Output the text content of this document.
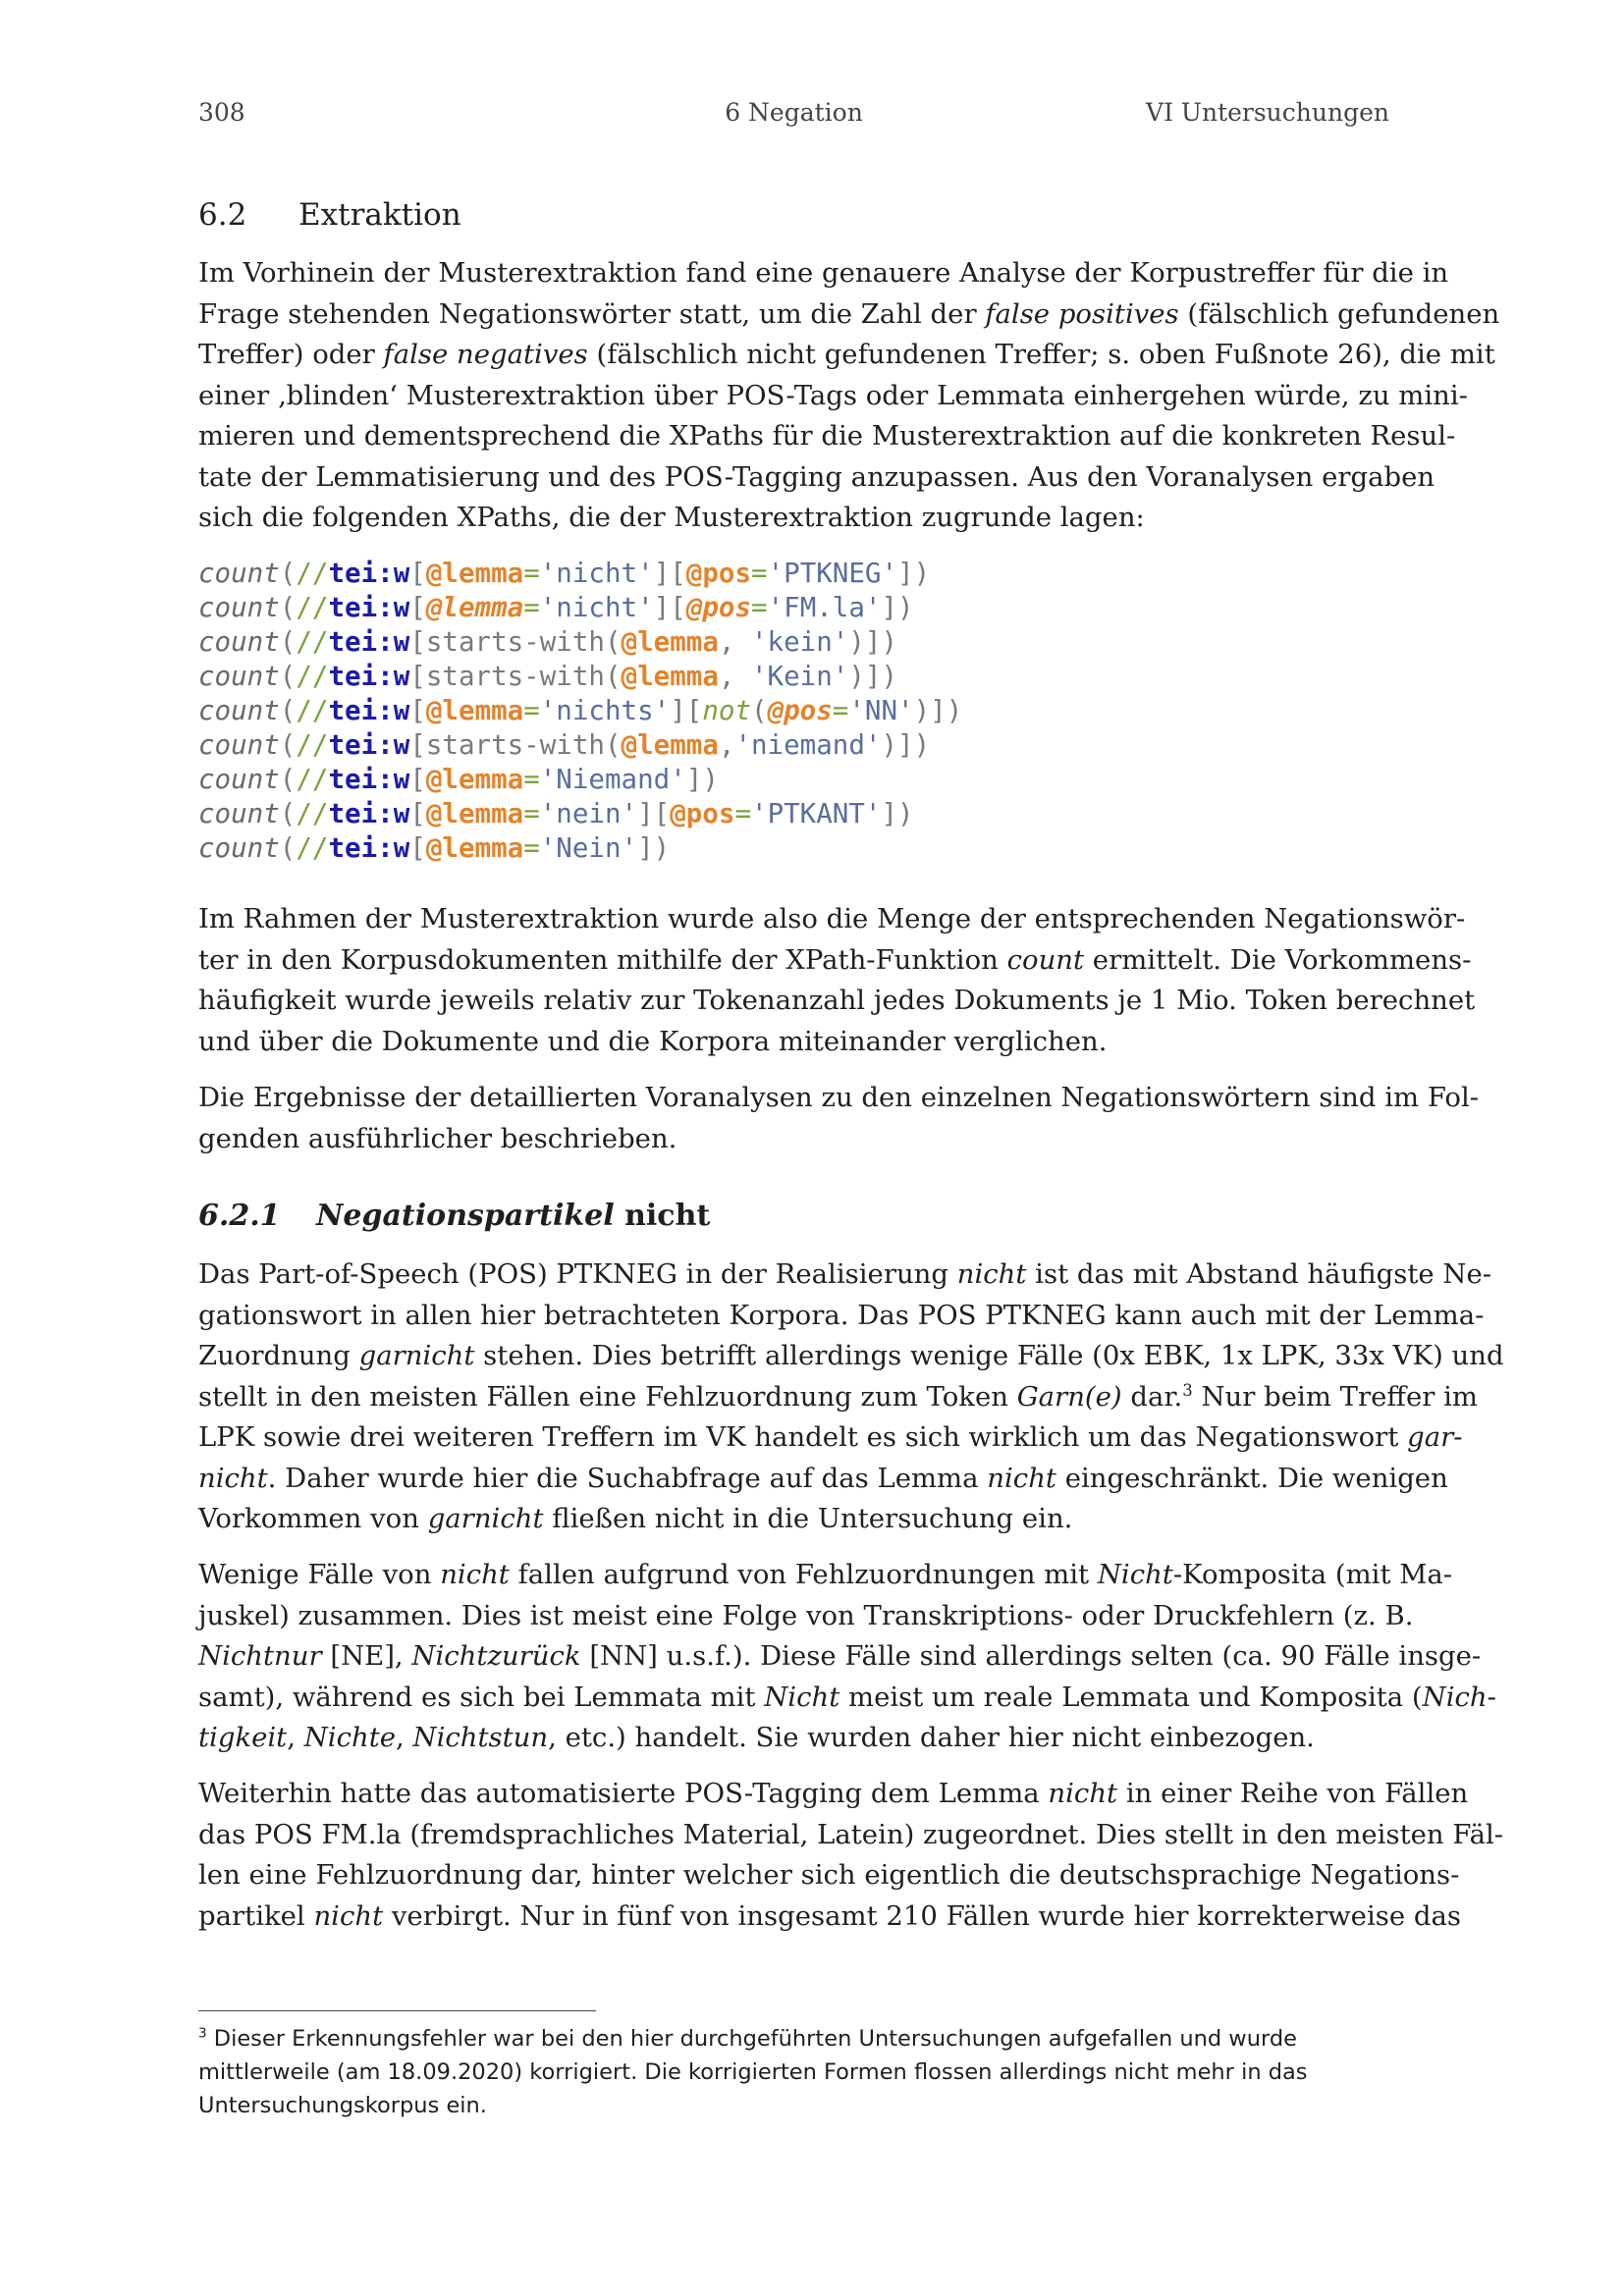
308	6 Negation	VI Untersuchungen
6.2 Extraktion
Im Vorhinein der Musterextraktion fand eine genauere Analyse der Korpustreffer für die in
Frage stehenden Negationswörter statt, um die Zahl der false positives (fälschlich gefundenen
Treffer) oder false negatives (fälschlich nicht gefundenen Treffer; s. oben Fußnote 26), die mit
einer ‚blinden‘ Musterextraktion über POS-Tags oder Lemmata einhergehen würde, zu mini-
mieren und dementsprechend die XPaths für die Musterextraktion auf die konkreten Resul-
tate der Lemmatisierung und des POS-Tagging anzupassen. Aus den Voranalysen ergaben
sich die folgenden XPaths, die der Musterextraktion zugrunde lagen:
count(//tei:w[@lemma='nicht'][@pos='PTKNEG'])
count(//tei:w[@lemma='nicht'][@pos='FM.la'])
count(//tei:w[starts-with(@lemma, 'kein')])
count(//tei:w[starts-with(@lemma, 'Kein')])
count(//tei:w[@lemma='nichts'][not(@pos='NN')])
count(//tei:w[starts-with(@lemma,'niemand')])
count(//tei:w[@lemma='Niemand'])
count(//tei:w[@lemma='nein'][@pos='PTKANT'])
count(//tei:w[@lemma='Nein'])
Im Rahmen der Musterextraktion wurde also die Menge der entsprechenden Negationswör-
ter in den Korpusdokumenten mithilfe der XPath-Funktion count ermittelt. Die Vorkommens-
häufigkeit wurde jeweils relativ zur Tokenanzahl jedes Dokuments je 1 Mio. Token berechnet
und über die Dokumente und die Korpora miteinander verglichen.
Die Ergebnisse der detaillierten Voranalysen zu den einzelnen Negationswörtern sind im Fol-
genden ausführlicher beschrieben.
6.2.1 Negationspartikel nicht
Das Part-of-Speech (POS) PTKNEG in der Realisierung nicht ist das mit Abstand häufigste Ne-
gationswort in allen hier betrachteten Korpora. Das POS PTKNEG kann auch mit der Lemma-
Zuordnung garnicht stehen. Dies betrifft allerdings wenige Fälle (0x EBK, 1x LPK, 33x VK) und
stellt in den meisten Fällen eine Fehlzuordnung zum Token Garn(e) dar.$^3$ Nur beim Treffer im
LPK sowie drei weiteren Treffern im VK handelt es sich wirklich um das Negationswort gar-
nicht. Daher wurde hier die Suchabfrage auf das Lemma nicht eingeschränkt. Die wenigen
Vorkommen von garnicht fließen nicht in die Untersuchung ein.
Wenige Fälle von nicht fallen aufgrund von Fehlzuordnungen mit Nicht-Komposita (mit Ma-
juskel) zusammen. Dies ist meist eine Folge von Transkriptions- oder Druckfehlern (z. B.
Nichtnur [NE], Nichtzurück [NN] u.s.f.). Diese Fälle sind allerdings selten (ca. 90 Fälle insge-
samt), während es sich bei Lemmata mit Nicht meist um reale Lemmata und Komposita (Nich-
tigkeit, Nichte, Nichtstun, etc.) handelt. Sie wurden daher hier nicht einbezogen.
Weiterhin hatte das automatisierte POS-Tagging dem Lemma nicht in einer Reihe von Fällen
das POS FM.la (fremdsprachliches Material, Latein) zugeordnet. Dies stellt in den meisten Fäl-
len eine Fehlzuordnung dar, hinter welcher sich eigentlich die deutschsprachige Negations-
partikel nicht verbirgt. Nur in fünf von insgesamt 210 Fällen wurde hier korrekterweise das
$^3$ Dieser Erkennungsfehler war bei den hier durchgeführten Untersuchungen aufgefallen und wurde
mittlerweile (am 18.09.2020) korrigiert. Die korrigierten Formen flossen allerdings nicht mehr in das
Untersuchungskorpus ein.
